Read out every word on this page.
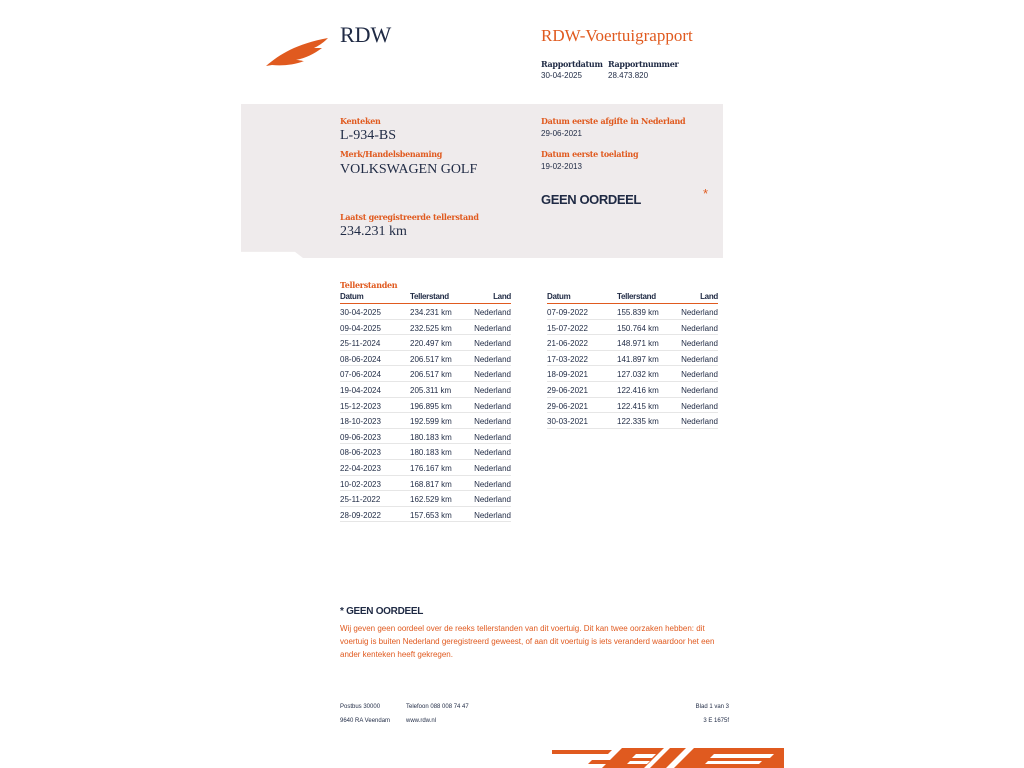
RDW	RDW-Voertuigrapport
Rapportdatum Rapportnummer
30-04-2025	28.473.820
Kenteken
L-934-BS
Merk/Handelsbenaming
VOLKSWAGEN GOLF
Datum eerste afgifte in Nederland
29-06-2021
Datum eerste toelating
19-02-2013
GEEN OORDEEL	*
Laatst geregistreerde tellerstand
234.231 km
Tellerstanden
Datum	Tellerstand	Land
30-04-2025	234.231 km	Nederland
09-04-2025	232.525 km	Nederland
25-11-2024	220.497 km	Nederland
08-06-2024	206.517 km	Nederland
07-06-2024	206.517 km	Nederland
19-04-2024	205.311 km	Nederland
15-12-2023	196.895 km	Nederland
18-10-2023	192.599 km	Nederland
09-06-2023	180.183 km	Nederland
08-06-2023	180.183 km	Nederland
22-04-2023	176.167 km	Nederland
10-02-2023	168.817 km	Nederland
25-11-2022	162.529 km	Nederland
28-09-2022	157.653 km	Nederland
Datum	Tellerstand	Land
07-09-2022	155.839 km	Nederland
15-07-2022	150.764 km	Nederland
21-06-2022	148.971 km	Nederland
17-03-2022	141.897 km	Nederland
18-09-2021	127.032 km	Nederland
29-06-2021	122.416 km	Nederland
29-06-2021	122.415 km	Nederland
30-03-2021	122.335 km	Nederland
* GEEN OORDEEL
Wij geven geen oordeel over de reeks tellerstanden van dit voertuig. Dit kan twee oorzaken hebben: dit voertuig is buiten Nederland geregistreerd geweest, of aan dit voertuig is iets veranderd waardoor het een ander kenteken heeft gekregen.
Postbus 30000
9640 RA Veendam
Telefoon 088 008 74 47
www.rdw.nl
Blad 1 van 3
3 E 1675f
